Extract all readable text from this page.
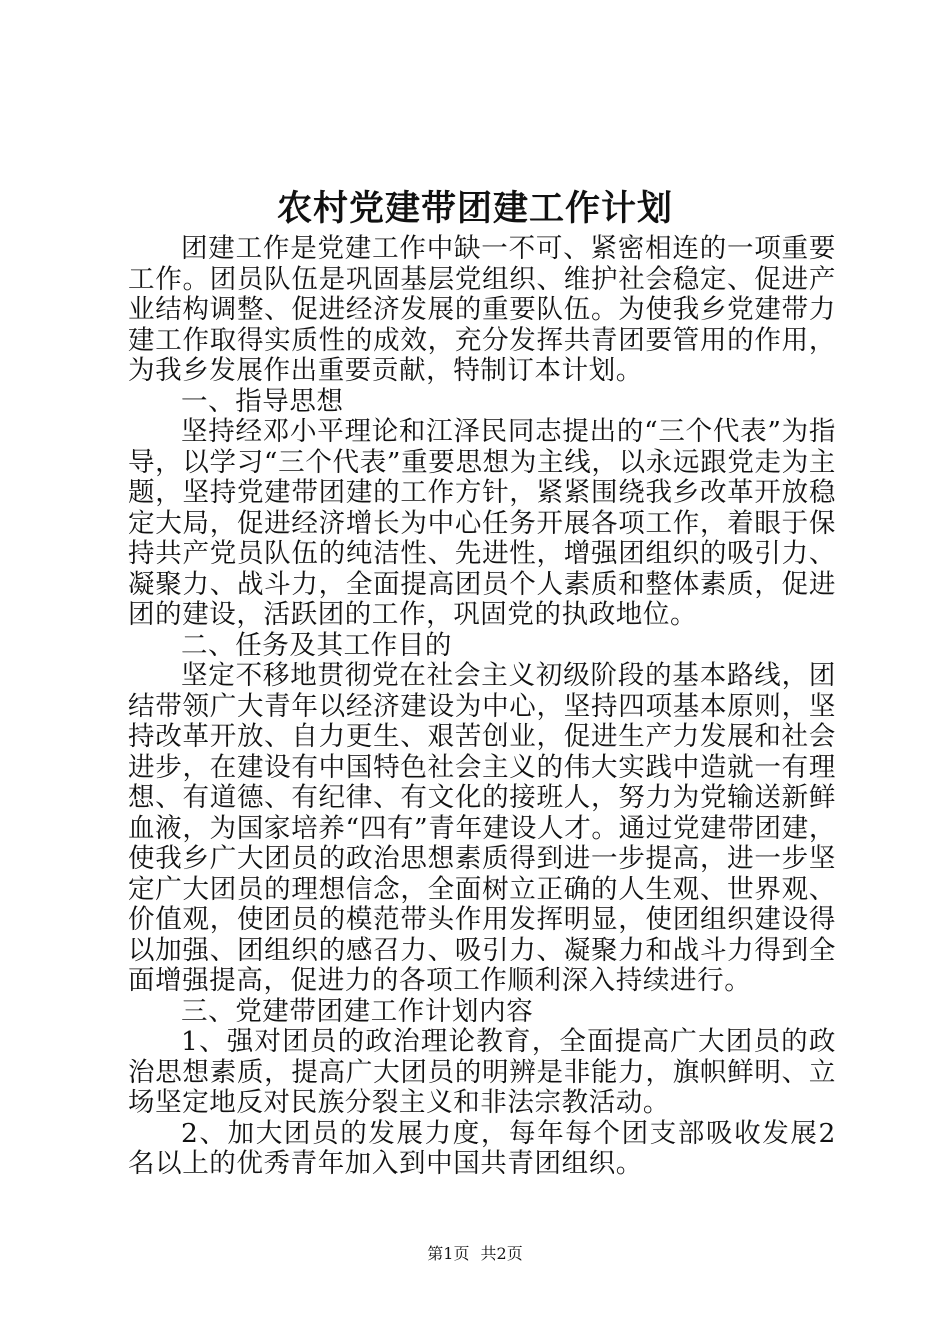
农村党建带团建工作计划

团建工作是党建工作中缺一不可、紧密相连的一项重要工作。团员队伍是巩固基层党组织、维护社会稳定、促进产业结构调整、促进经济发展的重要队伍。为使我乡党建带力建工作取得实质性的成效，充分发挥共青团要管用的作用，为我乡发展作出重要贡献，特制订本计划。

一、指导思想

坚持经邓小平理论和江泽民同志提出的“三个代表”为指导，以学习“三个代表”重要思想为主线，以永远跟党走为主题，坚持党建带团建的工作方针，紧紧围绕我乡改革开放稳定大局，促进经济增长为中心任务开展各项工作，着眼于保持共产党员队伍的纯洁性、先进性，增强团组织的吸引力、凝聚力、战斗力，全面提高团员个人素质和整体素质，促进团的建设，活跃团的工作，巩固党的执政地位。

二、任务及其工作目的

坚定不移地贯彻党在社会主义初级阶段的基本路线，团结带领广大青年以经济建设为中心，坚持四项基本原则，坚持改革开放、自力更生、艰苦创业，促进生产力发展和社会进步，在建设有中国特色社会主义的伟大实践中造就一有理想、有道德、有纪律、有文化的接班人，努力为党输送新鲜血液，为国家培养“四有”青年建设人才。通过党建带团建，使我乡广大团员的政治思想素质得到进一步提高，进一步坚定广大团员的理想信念，全面树立正确的人生观、世界观、价值观，使团员的模范带头作用发挥明显，使团组织建设得以加强、团组织的感召力、吸引力、凝聚力和战斗力得到全面增强提高，促进力的各项工作顺利深入持续进行。

三、党建带团建工作计划内容

1、强对团员的政治理论教育，全面提高广大团员的政治思想素质，提高广大团员的明辨是非能力，旗帜鲜明、立场坚定地反对民族分裂主义和非法宗教活动。

2、加大团员的发展力度，每年每个团支部吸收发展2名以上的优秀青年加入到中国共青团组织。

第1页 共2页
